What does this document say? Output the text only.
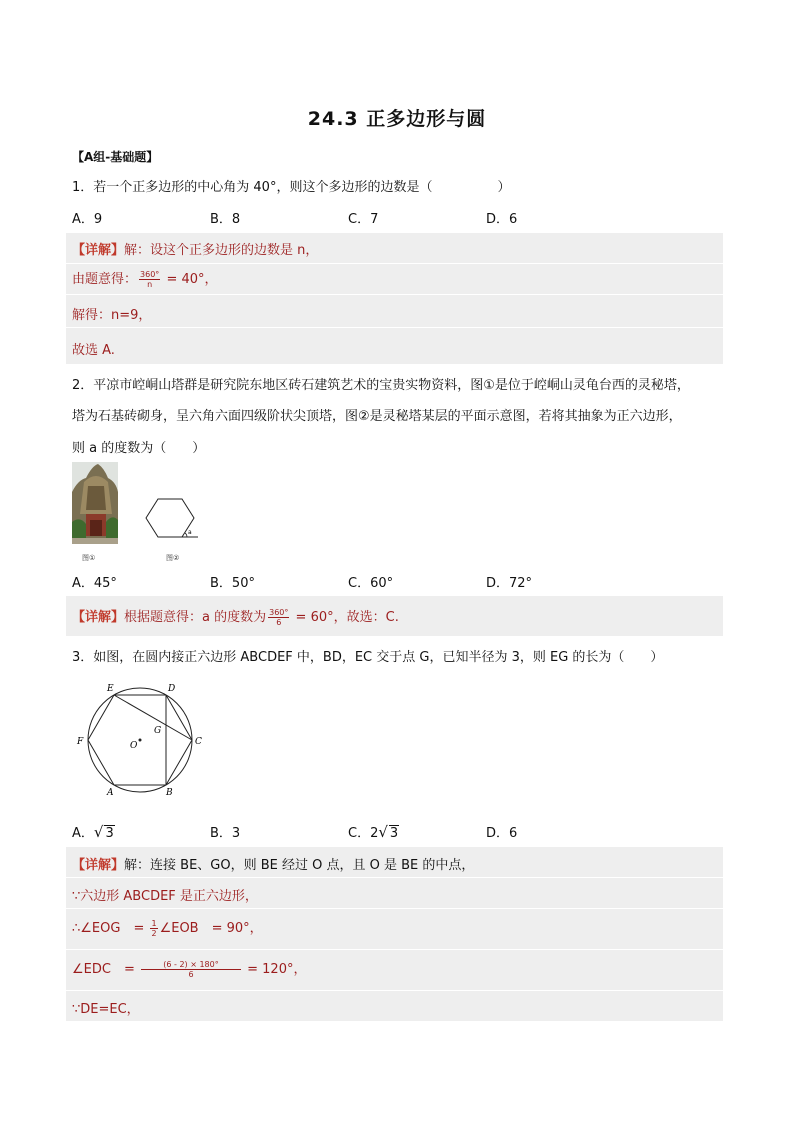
24.3 正多边形与圆
【A组-基础题】
1．若一个正多边形的中心角为 40°，则这个多边形的边数是（　　　　　）
A．9	B．8	C．7	D．6
【详解】解：设这个正多边形的边数是 n，
由题意得： $\frac{360^\circ}{n} = 40^\circ$，
解得：n=9，
故选 A.
2．平凉市崆峒山塔群是研究院东地区砖石建筑艺术的宝贵实物资料，图①是位于崆峒山灵龟台西的灵秘塔，
塔为石基砖砌身，呈六角六面四级阶状尖顶塔，图②是灵秘塔某层的平面示意图，若将其抽象为正六边形，
则 a 的度数为（　　）
图①
a
图②
A．45°	B．50°	C．60°	D．72°
【详解】根据题意得：a 的度数为 $\frac{360^\circ}{6} = 60^\circ$，故选：C.
3．如图，在圆内接正六边形 ABCDEF 中，BD，EC 交于点 G，已知半径为 3，则 EG 的长为（　　）
E	D
F	C
A	B
G
O
A．√ 3	B．3	C．2√ 3	D．6
【详解】解：连接 BE、GO，则 BE 经过 O 点，且 O 是 BE 的中点，
∵六边形 ABCDEF 是正六边形，
∴∠EOG　= $\frac{1}{2}$ ∠EOB　= 90°，
∠EDC　= $\frac{(6 - 2) \times 180^\circ}{6} = 120^\circ$，
∵DE=EC，
